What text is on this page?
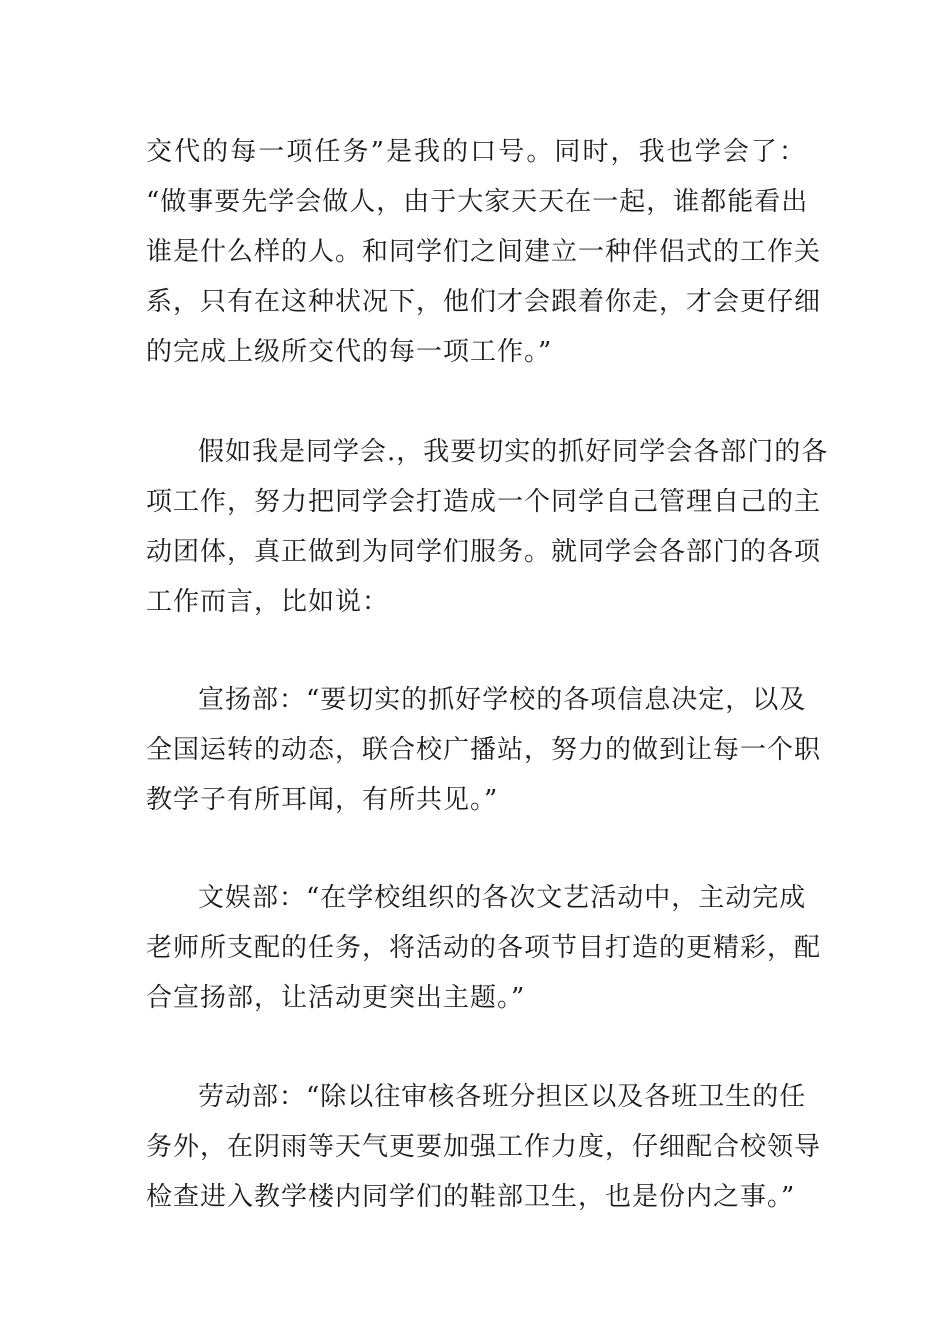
交代的每一项任务”是我的口号。同时，我也学会了：
“做事要先学会做人，由于大家天天在一起，谁都能看出
谁是什么样的人。和同学们之间建立一种伴侣式的工作关
系，只有在这种状况下，他们才会跟着你走，才会更仔细
的完成上级所交代的每一项工作。”
假如我是同学会.，我要切实的抓好同学会各部门的各
项工作，努力把同学会打造成一个同学自己管理自己的主
动团体，真正做到为同学们服务。就同学会各部门的各项
工作而言，比如说：
宣扬部：“要切实的抓好学校的各项信息决定，以及
全国运转的动态，联合校广播站，努力的做到让每一个职
教学子有所耳闻，有所共见。”
文娱部：“在学校组织的各次文艺活动中，主动完成
老师所支配的任务，将活动的各项节目打造的更精彩，配
合宣扬部，让活动更突出主题。”
劳动部：“除以往审核各班分担区以及各班卫生的任
务外，在阴雨等天气更要加强工作力度，仔细配合校领导
检查进入教学楼内同学们的鞋部卫生，也是份内之事。”
